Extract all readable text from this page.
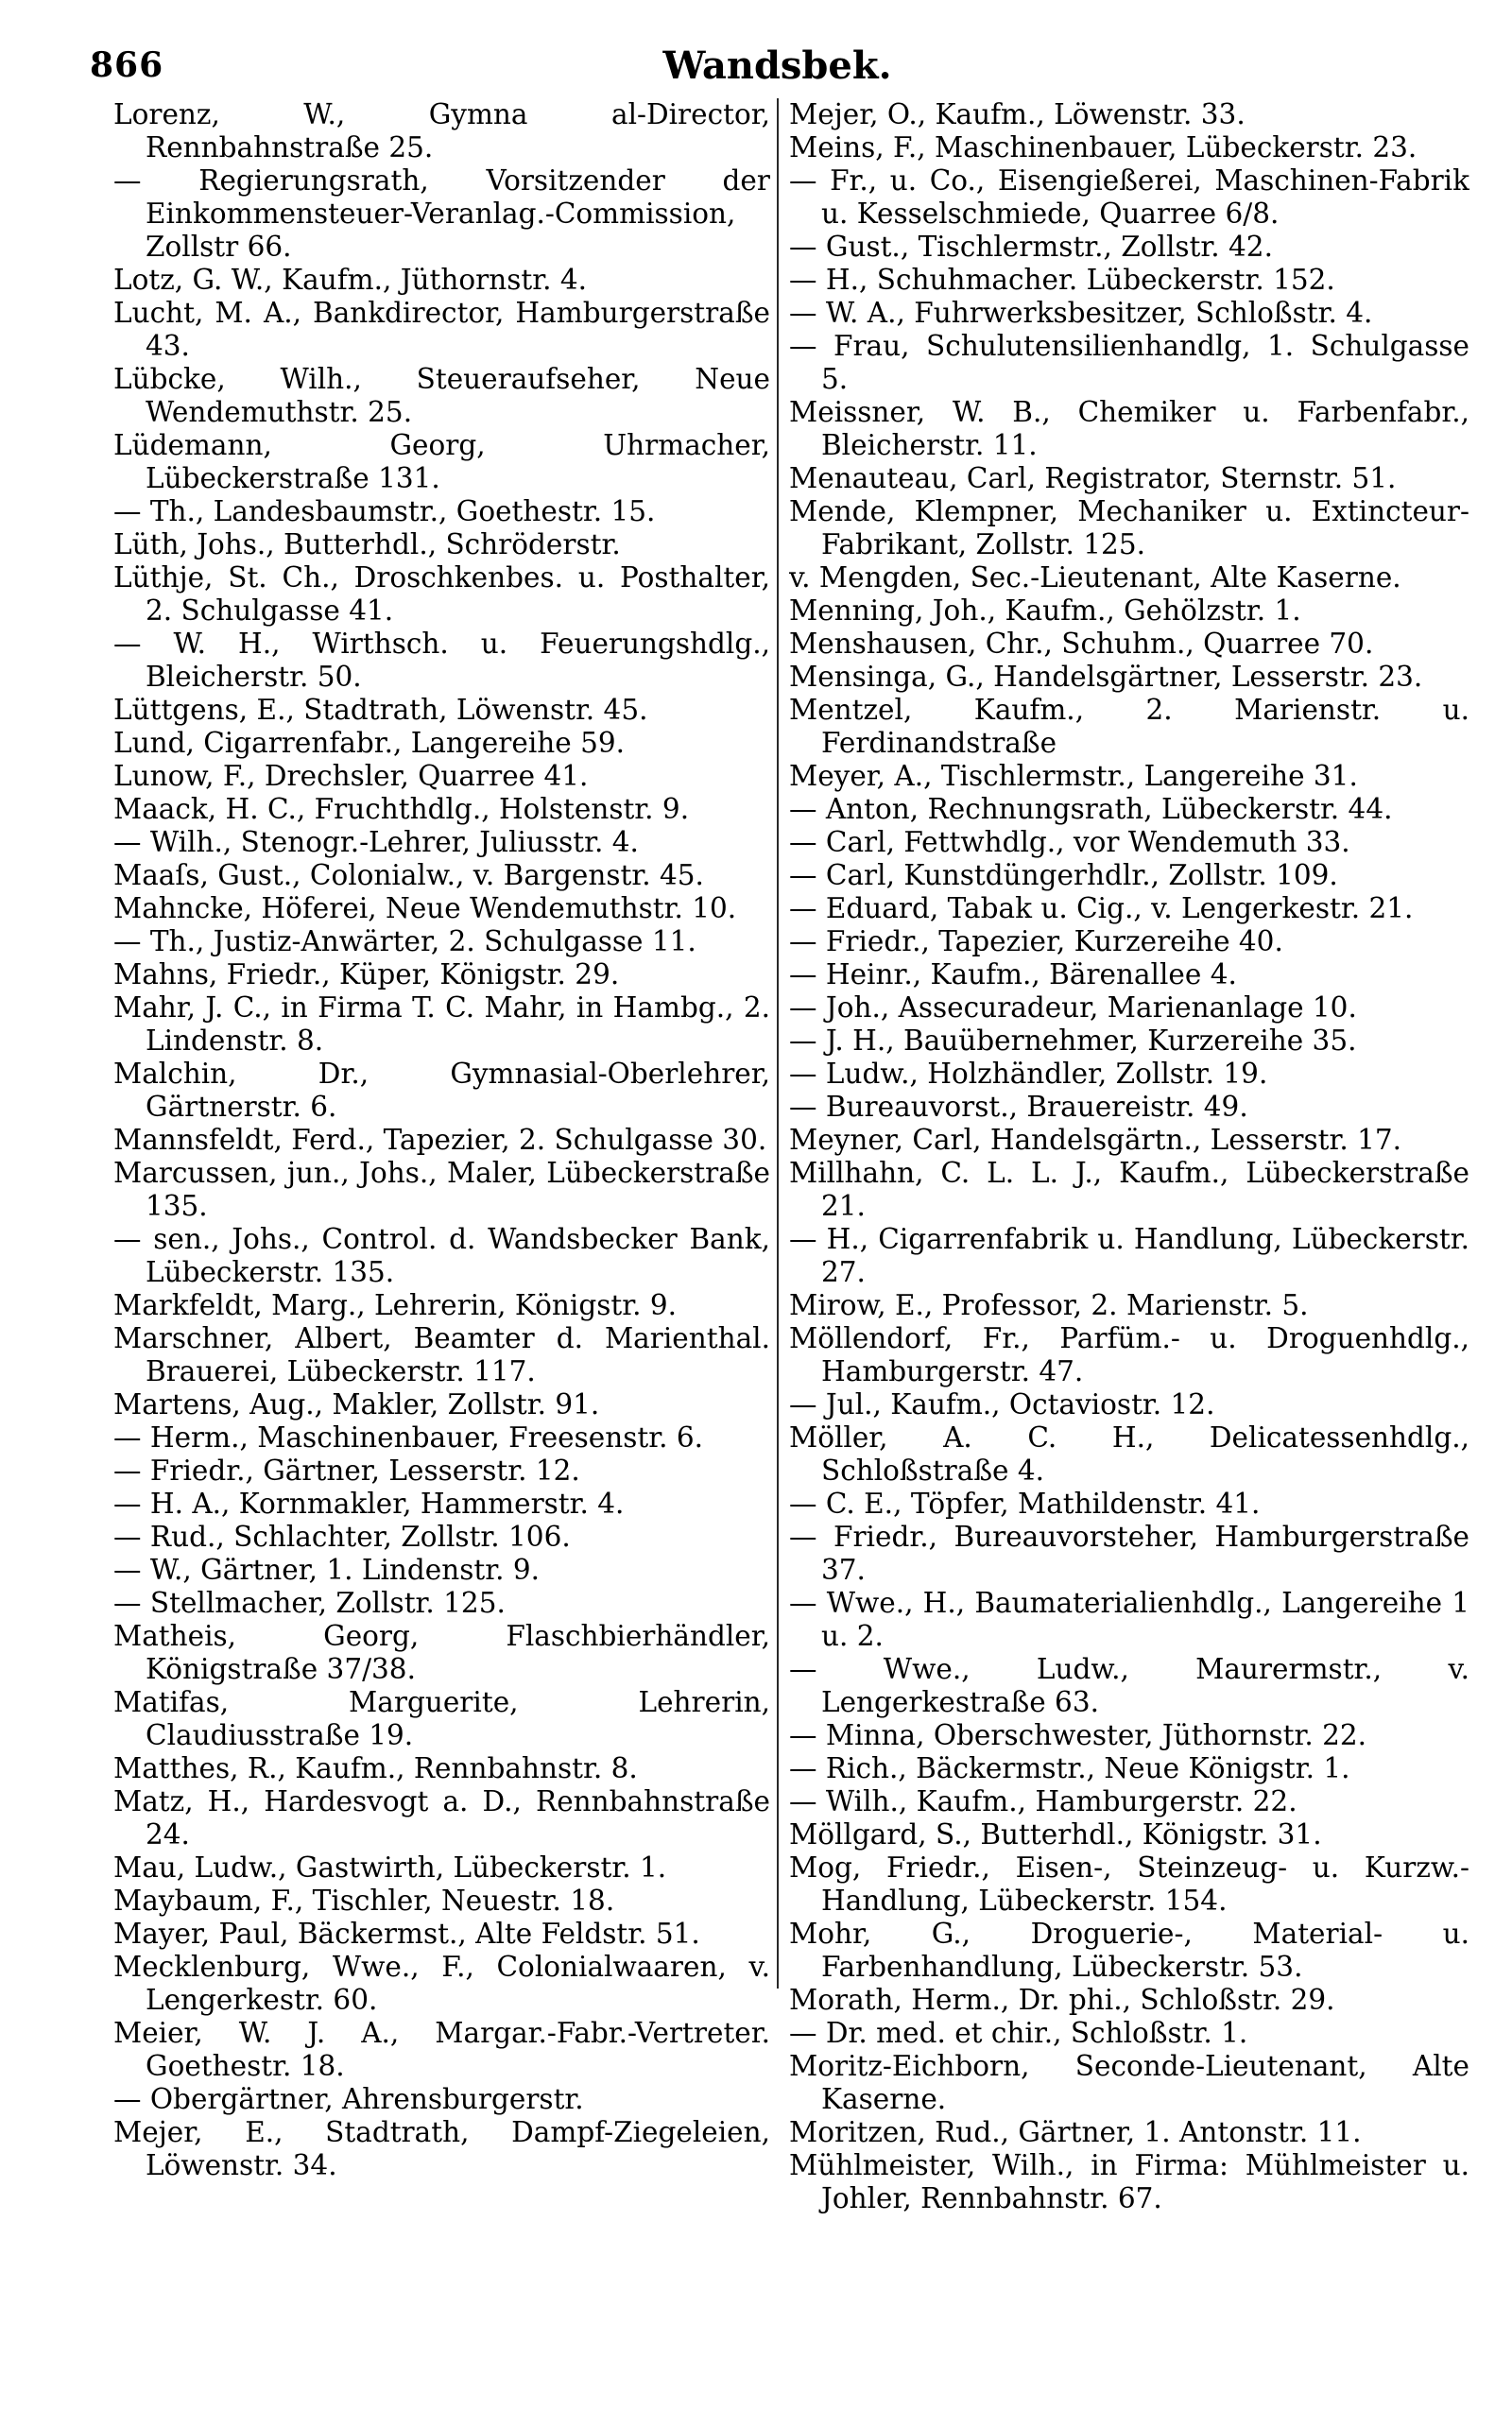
866	Wandsbek.

Lorenz, W., Gymna al-Director, Rennbahnstraße 25.

— Regierungsrath, Vorsitzender der Einkommensteuer-Veranlag.-Commission, Zollstr 66.

Lotz, G. W., Kaufm., Jüthornstr. 4.

Lucht, M. A., Bankdirector, Hamburgerstraße 43.

Lübcke, Wilh., Steueraufseher, Neue Wendemuthstr. 25.

Lüdemann, Georg, Uhrmacher, Lübeckerstraße 131.

— Th., Landesbaumstr., Goethestr. 15.

Lüth, Johs., Butterhdl., Schröderstr.

Lüthje, St. Ch., Droschkenbes. u. Posthalter, 2. Schulgasse 41.

— W. H., Wirthsch. u. Feuerungshdlg., Bleicherstr. 50.

Lüttgens, E., Stadtrath, Löwenstr. 45.

Lund, Cigarrenfabr., Langereihe 59.

Lunow, F., Drechsler, Quarree 41.

Maack, H. C., Fruchthdlg., Holstenstr. 9.

— Wilh., Stenogr.-Lehrer, Juliusstr. 4.

Maaſs, Gust., Colonialw., v. Bargenstr. 45.

Mahncke, Höferei, Neue Wendemuthstr. 10.

— Th., Justiz-Anwärter, 2. Schulgasse 11.

Mahns, Friedr., Küper, Königstr. 29.

Mahr, J. C., in Firma T. C. Mahr, in Hambg., 2. Lindenstr. 8.

Malchin, Dr., Gymnasial-Oberlehrer, Gärtnerstr. 6.

Mannsfeldt, Ferd., Tapezier, 2. Schulgasse 30.

Marcussen, jun., Johs., Maler, Lübeckerstraße 135.

— sen., Johs., Control. d. Wandsbecker Bank, Lübeckerstr. 135.

Markfeldt, Marg., Lehrerin, Königstr. 9.

Marschner, Albert, Beamter d. Marienthal. Brauerei, Lübeckerstr. 117.

Martens, Aug., Makler, Zollstr. 91.

— Herm., Maschinenbauer, Freesenstr. 6.

— Friedr., Gärtner, Lesserstr. 12.

— H. A., Kornmakler, Hammerstr. 4.

— Rud., Schlachter, Zollstr. 106.

— W., Gärtner, 1. Lindenstr. 9.

— Stellmacher, Zollstr. 125.

Matheis, Georg, Flaschbierhändler, Königstraße 37/38.

Matifas, Marguerite, Lehrerin, Claudiusstraße 19.

Matthes, R., Kaufm., Rennbahnstr. 8.

Matz, H., Hardesvogt a. D., Rennbahnstraße 24.

Mau, Ludw., Gastwirth, Lübeckerstr. 1.

Maybaum, F., Tischler, Neuestr. 18.

Mayer, Paul, Bäckermst., Alte Feldstr. 51.

Mecklenburg, Wwe., F., Colonialwaaren, v. Lengerkestr. 60.

Meier, W. J. A., Margar.-Fabr.-Vertreter. Goethestr. 18.

— Obergärtner, Ahrensburgerstr.

Mejer, E., Stadtrath, Dampf-Ziegeleien, Löwenstr. 34.

Mejer, O., Kaufm., Löwenstr. 33.

Meins, F., Maschinenbauer, Lübeckerstr. 23.

— Fr., u. Co., Eisengießerei, Maschinen-Fabrik u. Kesselschmiede, Quarree 6/8.

— Gust., Tischlermstr., Zollstr. 42.

— H., Schuhmacher. Lübeckerstr. 152.

— W. A., Fuhrwerksbesitzer, Schloßstr. 4.

— Frau, Schulutensilienhandlg, 1. Schulgasse 5.

Meissner, W. B., Chemiker u. Farbenfabr., Bleicherstr. 11.

Menauteau, Carl, Registrator, Sternstr. 51.

Mende, Klempner, Mechaniker u. Extincteur-Fabrikant, Zollstr. 125.

v. Mengden, Sec.-Lieutenant, Alte Kaserne.

Menning, Joh., Kaufm., Gehölzstr. 1.

Menshausen, Chr., Schuhm., Quarree 70.

Mensinga, G., Handelsgärtner, Lesserstr. 23.

Mentzel, Kaufm., 2. Marienstr. u. Ferdinandstraße

Meyer, A., Tischlermstr., Langereihe 31.

— Anton, Rechnungsrath, Lübeckerstr. 44.

— Carl, Fettwhdlg., vor Wendemuth 33.

— Carl, Kunstdüngerhdlr., Zollstr. 109.

— Eduard, Tabak u. Cig., v. Lengerkestr. 21.

— Friedr., Tapezier, Kurzereihe 40.

— Heinr., Kaufm., Bärenallee 4.

— Joh., Assecuradeur, Marienanlage 10.

— J. H., Bauübernehmer, Kurzereihe 35.

— Ludw., Holzhändler, Zollstr. 19.

— Bureauvorst., Brauereistr. 49.

Meyner, Carl, Handelsgärtn., Lesserstr. 17.

Millhahn, C. L. L. J., Kaufm., Lübeckerstraße 21.

— H., Cigarrenfabrik u. Handlung, Lübeckerstr. 27.

Mirow, E., Professor, 2. Marienstr. 5.

Möllendorf, Fr., Parfüm.- u. Droguenhdlg., Hamburgerstr. 47.

— Jul., Kaufm., Octaviostr. 12.

Möller, A. C. H., Delicatessenhdlg., Schloßstraße 4.

— C. E., Töpfer, Mathildenstr. 41.

— Friedr., Bureauvorsteher, Hamburgerstraße 37.

— Wwe., H., Baumaterialienhdlg., Langereihe 1 u. 2.

— Wwe., Ludw., Maurermstr., v. Lengerkestraße 63.

— Minna, Oberschwester, Jüthornstr. 22.

— Rich., Bäckermstr., Neue Königstr. 1.

— Wilh., Kaufm., Hamburgerstr. 22.

Möllgard, S., Butterhdl., Königstr. 31.

Mog, Friedr., Eisen-, Steinzeug- u. Kurzw.-Handlung, Lübeckerstr. 154.

Mohr, G., Droguerie-, Material- u. Farbenhandlung, Lübeckerstr. 53.

Morath, Herm., Dr. phi., Schloßstr. 29.

— Dr. med. et chir., Schloßstr. 1.

Moritz-Eichborn, Seconde-Lieutenant, Alte Kaserne.

Moritzen, Rud., Gärtner, 1. Antonstr. 11.

Mühlmeister, Wilh., in Firma: Mühlmeister u. Johler, Rennbahnstr. 67.
